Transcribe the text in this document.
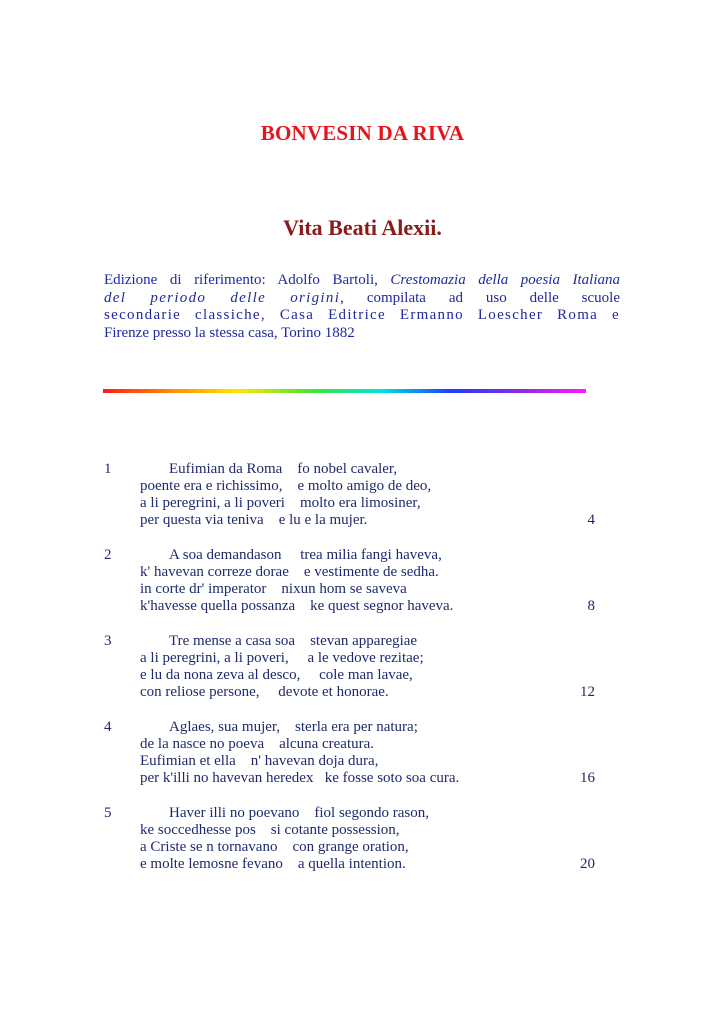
BONVESIN DA RIVA
Vita Beati Alexii.
Edizione di riferimento: Adolfo Bartoli, Crestomazia della poesia Italiana
del periodo delle origini, compilata ad uso delle scuole
secondarie classiche, Casa Editrice Ermanno Loescher Roma e
Firenze presso la stessa casa, Torino 1882
1	Eufimian da Roma    fo nobel cavaler,
poente era e richissimo,    e molto amigo de deo,
a li peregrini, a li poveri    molto era limosiner,
per questa via teniva    e lu e la mujer.	4
2	A soa demandason     trea milia fangi haveva,
k' havevan correze dorae    e vestimente de sedha.
in corte dr' imperator    nixun hom se saveva
k'havesse quella possanza    ke quest segnor haveva.	8
3	Tre mense a casa soa    stevan apparegiae
a li peregrini, a li poveri,     a le vedove rezitae;
e lu da nona zeva al desco,     cole man lavae,
con reliose persone,     devote et honorae.	12
4	Aglaes, sua mujer,    sterla era per natura;
de la nasce no poeva    alcuna creatura.
Eufimian et ella    n' havevan doja dura,
per k'illi no havevan heredex   ke fosse soto soa cura.	16
5	Haver illi no poevano    fiol segondo rason,
ke soccedhesse pos    si cotante possession,
a Criste se n tornavano    con grange oration,
e molte lemosne fevano    a quella intention.	20
